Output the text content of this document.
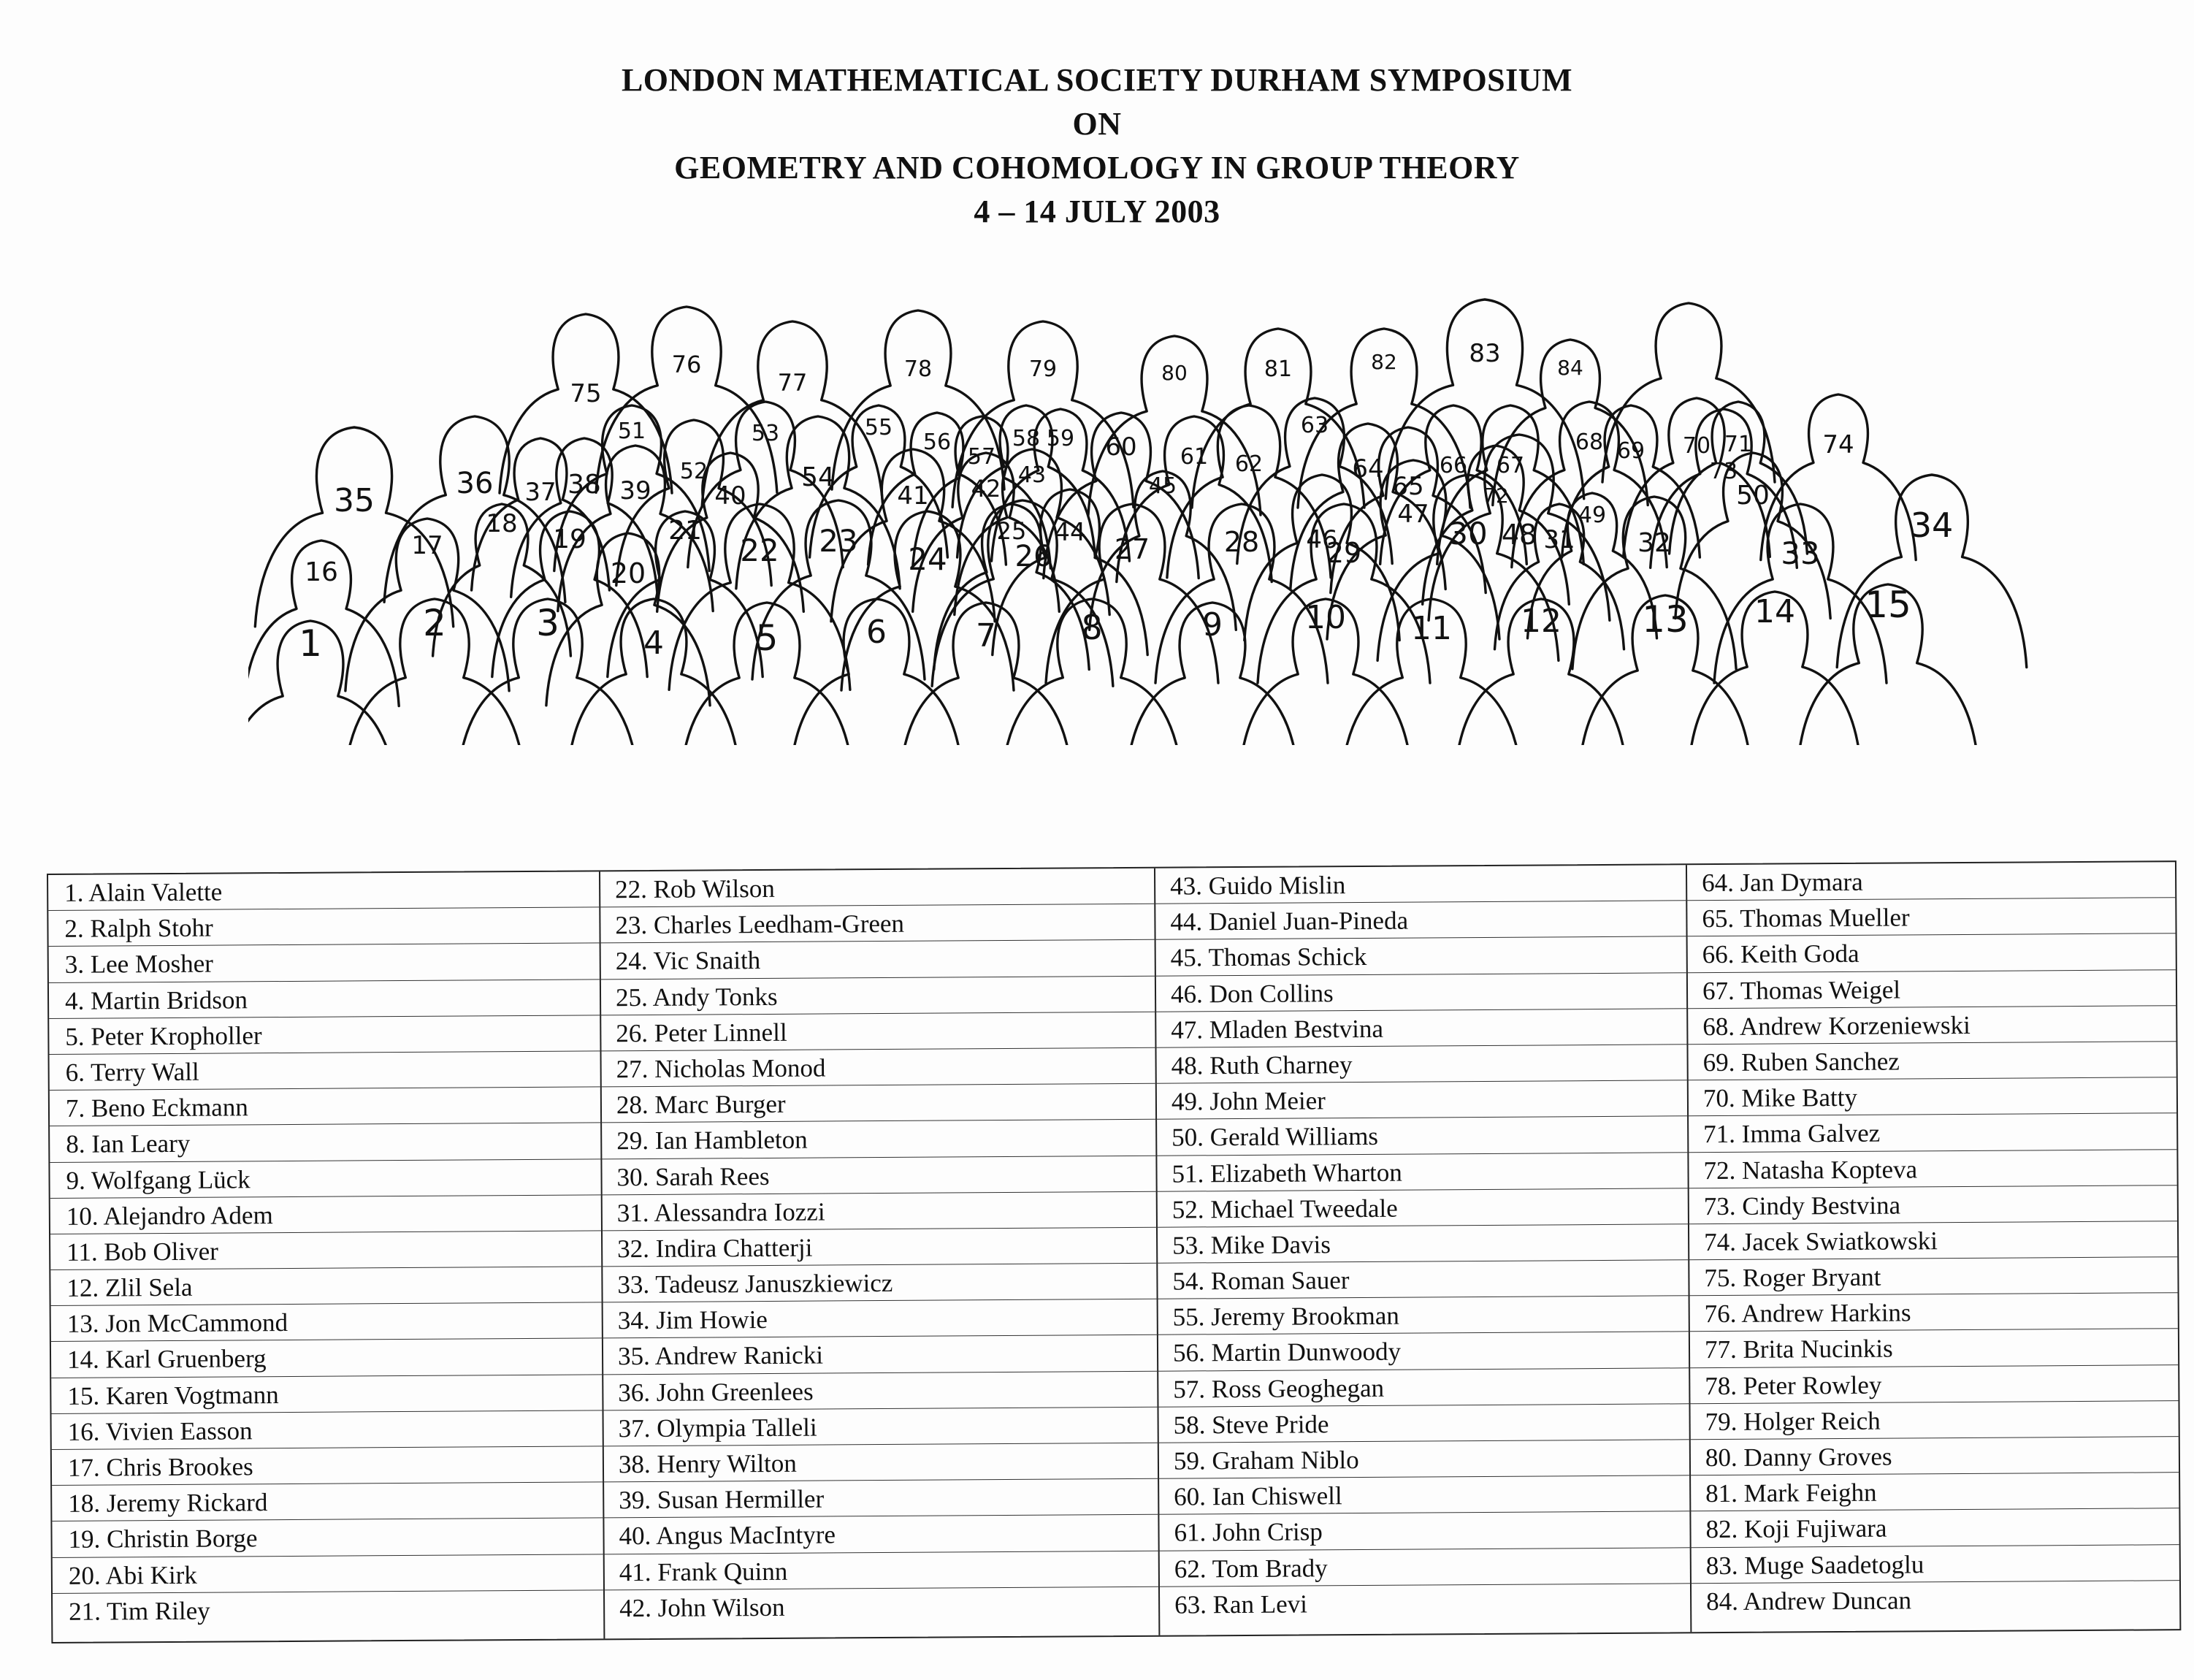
LONDON MATHEMATICAL SOCIETY DURHAM SYMPOSIUM
ON
GEOMETRY AND COHOMOLOGY IN GROUP THEORY
4 – 14 JULY 2003
83
76	78
75	77	79	81	82
80	84
74
63
70
53	68	71
51	55	58
62	66 67
69
59
73
56	60
36	54
57	61
52	64
35	65
48
37 38 39	72
41
43
40	42	50
47
45
30	34
46
44
49
32
23	26
18
22
25
27	28 29	31	33
19	21
24
17
20
16
15
14
13
2 3	4	6	8	10 11 12
5	7	9
1
1. Alain Valette
2. Ralph Stohr
3. Lee Mosher
4. Martin Bridson
5. Peter Kropholler
6. Terry Wall
7. Beno Eckmann
8. Ian Leary
9. Wolfgang Lück
10. Alejandro Adem
11. Bob Oliver
12. Zlil Sela
13. Jon McCammond
14. Karl Gruenberg
15. Karen Vogtmann
16. Vivien Easson
17. Chris Brookes
18. Jeremy Rickard
19. Christin Borge
20. Abi Kirk
21. Tim Riley
22. Rob Wilson
23. Charles Leedham-Green
24. Vic Snaith
25. Andy Tonks
26. Peter Linnell
27. Nicholas Monod
28. Marc Burger
29. Ian Hambleton
30. Sarah Rees
31. Alessandra Iozzi
32. Indira Chatterji
33. Tadeusz Januszkiewicz
34. Jim Howie
35. Andrew Ranicki
36. John Greenlees
37. Olympia Talleli
38. Henry Wilton
39. Susan Hermiller
40. Angus MacIntyre
41. Frank Quinn
42. John Wilson
43. Guido Mislin
44. Daniel Juan-Pineda
45. Thomas Schick
46. Don Collins
47. Mladen Bestvina
48. Ruth Charney
49. John Meier
50. Gerald Williams
51. Elizabeth Wharton
52. Michael Tweedale
53. Mike Davis
54. Roman Sauer
55. Jeremy Brookman
56. Martin Dunwoody
57. Ross Geoghegan
58. Steve Pride
59. Graham Niblo
60. Ian Chiswell
61. John Crisp
62. Tom Brady
63. Ran Levi
64. Jan Dymara
65. Thomas Mueller
66. Keith Goda
67. Thomas Weigel
68. Andrew Korzeniewski
69. Ruben Sanchez
70. Mike Batty
71. Imma Galvez
72. Natasha Kopteva
73. Cindy Bestvina
74. Jacek Swiatkowski
75. Roger Bryant
76. Andrew Harkins
77. Brita Nucinkis
78. Peter Rowley
79. Holger Reich
80. Danny Groves
81. Mark Feighn
82. Koji Fujiwara
83. Muge Saadetoglu
84. Andrew Duncan
